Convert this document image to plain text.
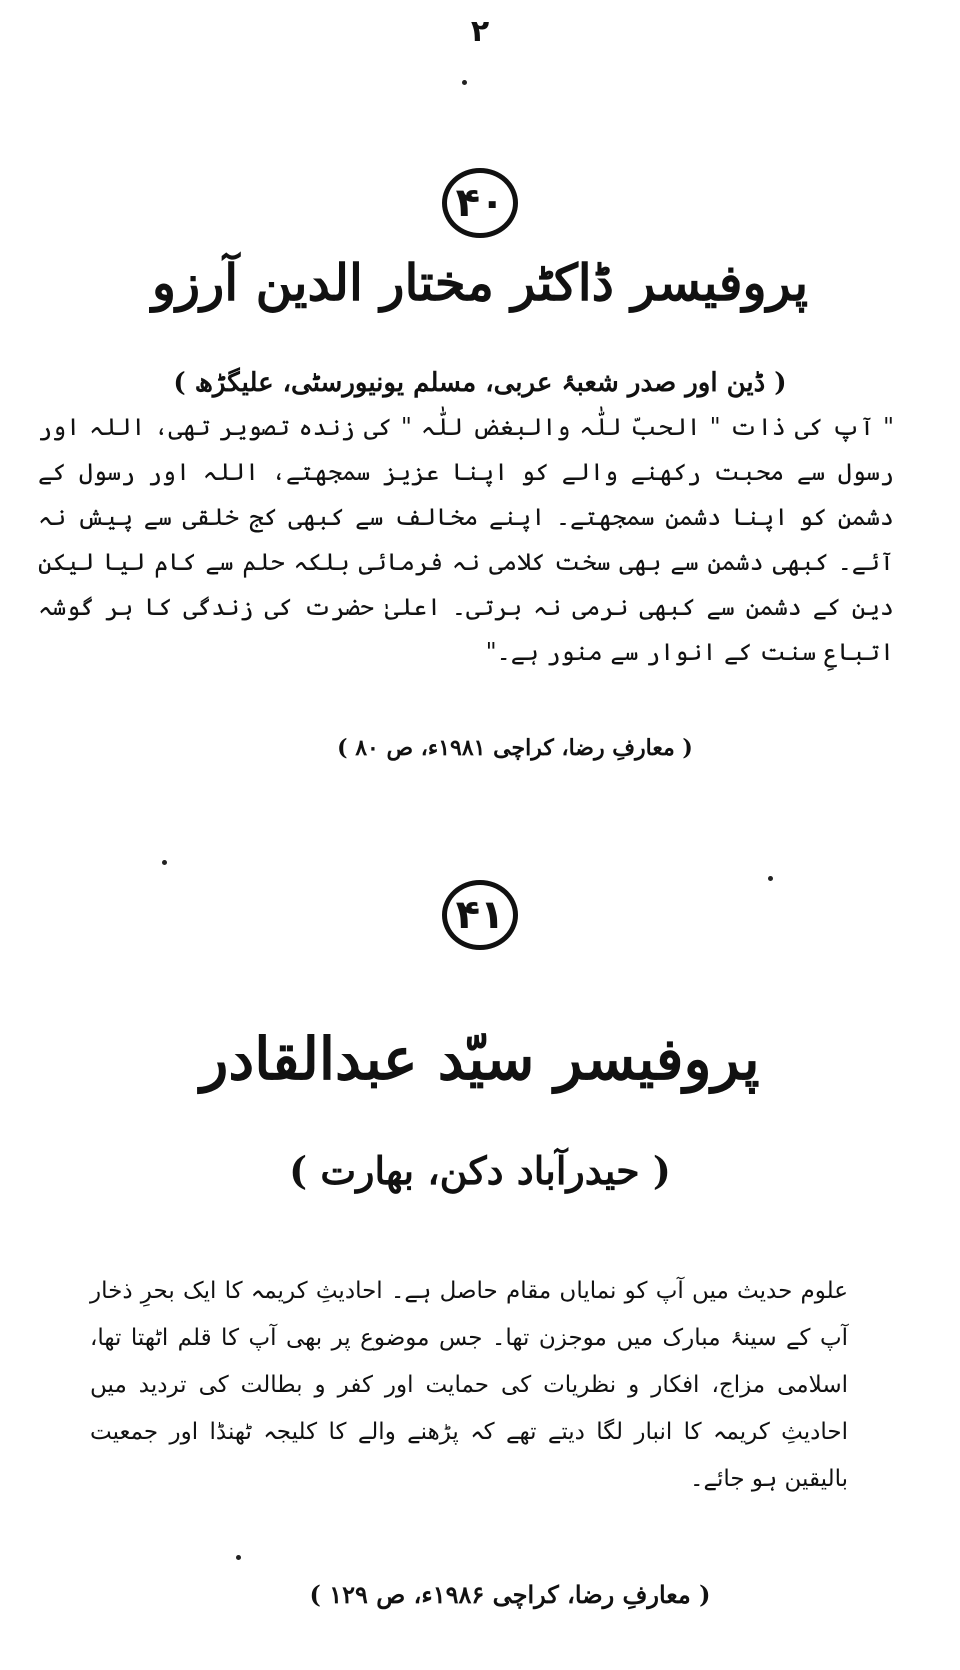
۲
۴۰
پروفیسر ڈاکٹر مختار الدین آرزو
( ڈین اور صدر شعبۂ عربی، مسلم یونیورسٹی، علیگڑھ )
" آپ کی ذات " الحبّ للّٰہ والبغض للّٰہ " کی زندہ تصویر تھی، اللہ اور رسول سے محبت رکھنے والے کو اپنا عزیز سمجھتے، اللہ اور رسول کے دشمن کو اپنا دشمن سمجھتے۔ اپنے مخالف سے کبھی کج خلقی سے پیش نہ آئے۔ کبھی دشمن سے بھی سخت کلامی نہ فرمائی بلکہ حلم سے کام لیا لیکن دین کے دشمن سے کبھی نرمی نہ برتی۔ اعلیٰ حضرت کی زندگی کا ہر گوشہ اتباعِ سنت کے انوار سے منور ہے۔"
( معارفِ رضا، کراچی ۱۹۸۱ء، ص ۸۰ )
۴۱
پروفیسر سیّد عبدالقادر
( حیدرآباد دکن، بھارت )
علوم حدیث میں آپ کو نمایاں مقام حاصل ہے۔ احادیثِ کریمہ کا ایک بحرِ ذخار آپ کے سینۂ مبارک میں موجزن تھا۔ جس موضوع پر بھی آپ کا قلم اٹھتا تھا، اسلامی مزاج، افکار و نظریات کی حمایت اور کفر و بطالت کی تردید میں احادیثِ کریمہ کا انبار لگا دیتے تھے کہ پڑھنے والے کا کلیجہ ٹھنڈا اور جمعیت بالیقین ہو جائے۔
( معارفِ رضا، کراچی ۱۹۸۶ء، ص ۱۲۹ )
